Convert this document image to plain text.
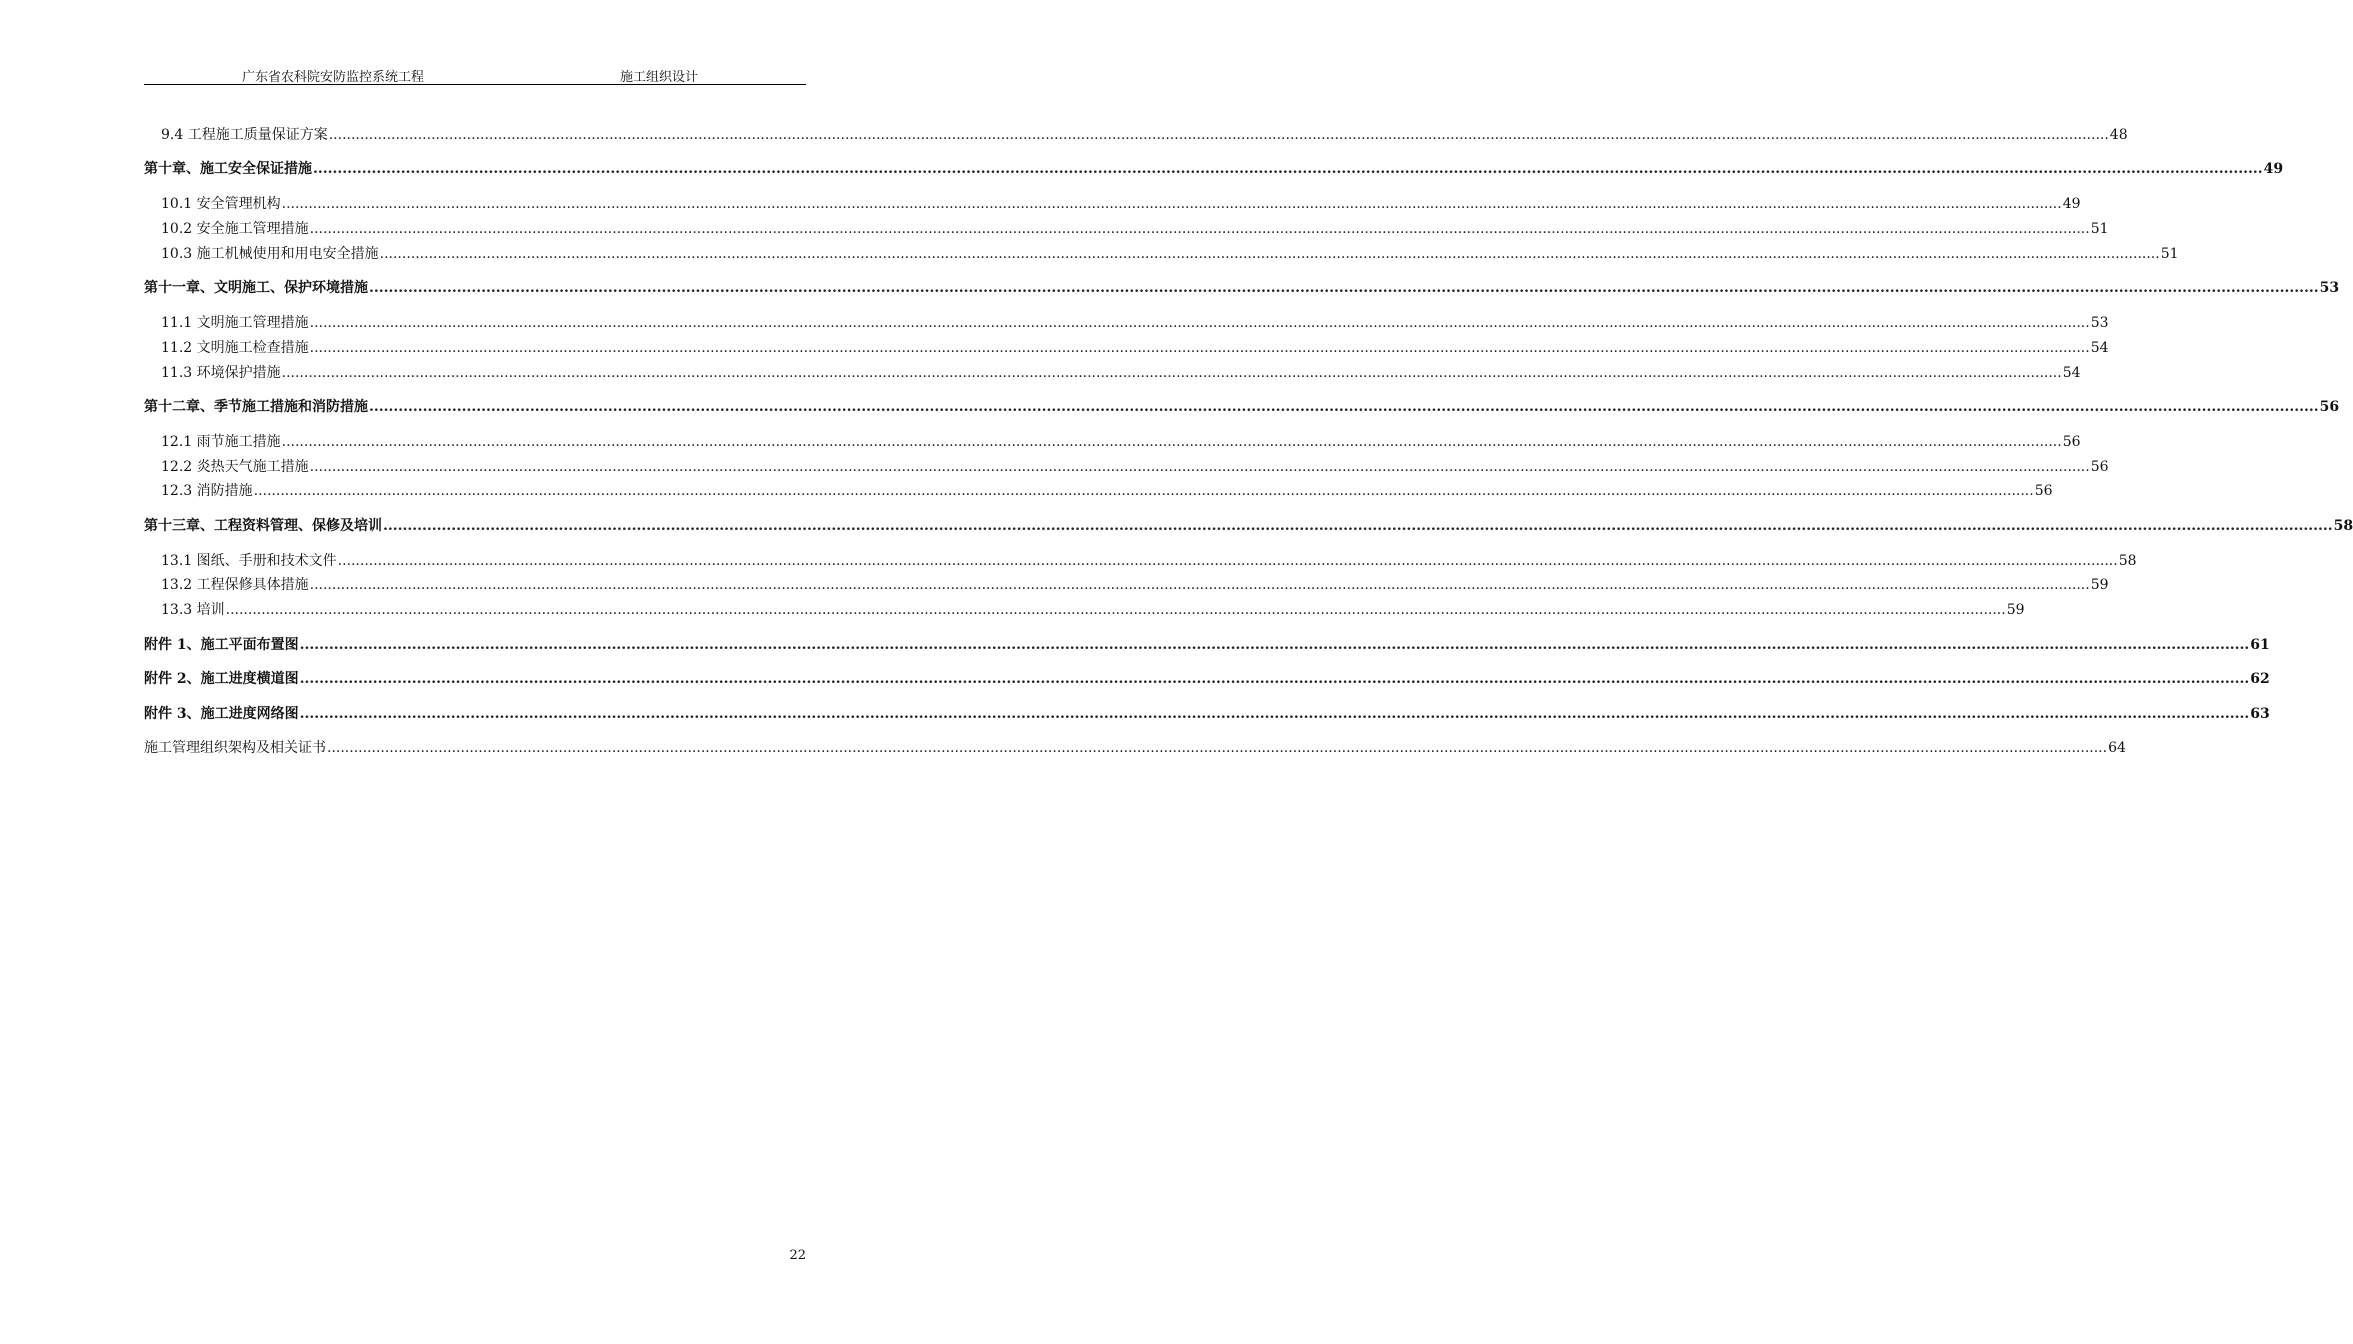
广东省农科院安防监控系统工程	施工组织设计
9.4 工程施工质量保证方案 ................................................................................................................................................................................................................................................................................................................................................................................................................ 48
第十章、施工安全保证措施 ................................................................................................................................................................................................................................................................................................................................................................................................................ 49
10.1 安全管理机构 ................................................................................................................................................................................................................................................................................................................................................................................................................ 49
10.2 安全施工管理措施 ................................................................................................................................................................................................................................................................................................................................................................................................................ 51
10.3 施工机械使用和用电安全措施 ................................................................................................................................................................................................................................................................................................................................................................................................................ 51
第十一章、文明施工、保护环境措施 ................................................................................................................................................................................................................................................................................................................................................................................................................ 53
11.1 文明施工管理措施 ................................................................................................................................................................................................................................................................................................................................................................................................................ 53
11.2 文明施工检查措施 ................................................................................................................................................................................................................................................................................................................................................................................................................ 54
11.3 环境保护措施 ................................................................................................................................................................................................................................................................................................................................................................................................................ 54
第十二章、季节施工措施和消防措施 ................................................................................................................................................................................................................................................................................................................................................................................................................ 56
12.1 雨节施工措施 ................................................................................................................................................................................................................................................................................................................................................................................................................ 56
12.2 炎热天气施工措施 ................................................................................................................................................................................................................................................................................................................................................................................................................ 56
12.3 消防措施 ................................................................................................................................................................................................................................................................................................................................................................................................................ 56
第十三章、工程资料管理、保修及培训 ................................................................................................................................................................................................................................................................................................................................................................................................................ 58
13.1 图纸、手册和技术文件 ................................................................................................................................................................................................................................................................................................................................................................................................................ 58
13.2 工程保修具体措施 ................................................................................................................................................................................................................................................................................................................................................................................................................ 59
13.3 培训 ................................................................................................................................................................................................................................................................................................................................................................................................................ 59
附件 1、施工平面布置图 ................................................................................................................................................................................................................................................................................................................................................................................................................ 61
附件 2、施工进度横道图 ................................................................................................................................................................................................................................................................................................................................................................................................................ 62
附件 3、施工进度网络图 ................................................................................................................................................................................................................................................................................................................................................................................................................ 63
施工管理组织架构及相关证书 ................................................................................................................................................................................................................................................................................................................................................................................................................ 64
22
